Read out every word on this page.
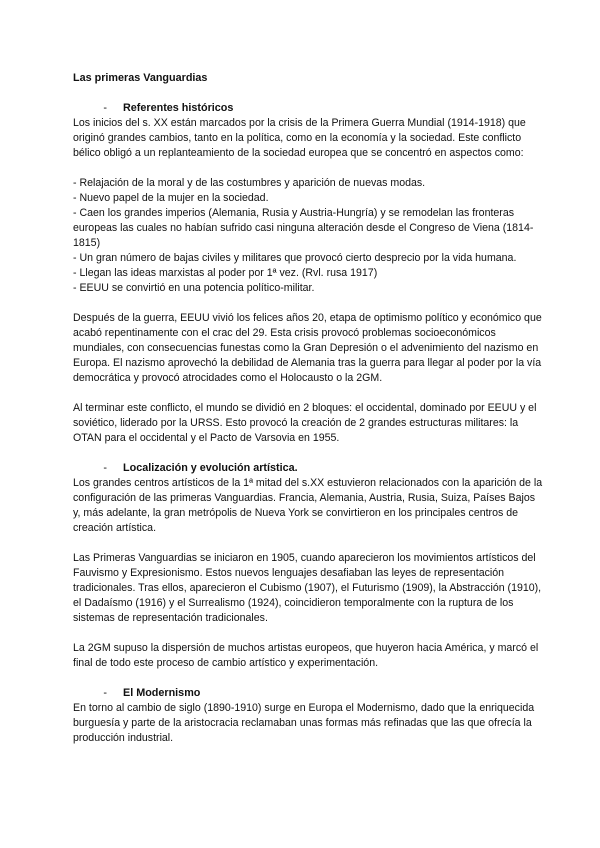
Las primeras Vanguardias
-	Referentes históricos

Los inicios del s. XX están marcados por la crisis de la Primera Guerra Mundial (1914-1918) que originó grandes cambios, tanto en la política, como en la economía y la sociedad. Este conflicto bélico obligó a un replanteamiento de la sociedad europea que se concentró en aspectos como:

- Relajación de la moral y de las costumbres y aparición de nuevas modas.
- Nuevo papel de la mujer en la sociedad.
- Caen los grandes imperios (Alemania, Rusia y Austria-Hungría) y se remodelan las fronteras europeas las cuales no habían sufrido casi ninguna alteración desde el Congreso de Viena (1814-1815)
- Un gran número de bajas civiles y militares que provocó cierto desprecio por la vida humana.
- Llegan las ideas marxistas al poder por 1ª vez. (Rvl. rusa 1917)
- EEUU se convirtió en una potencia político-militar.

Después de la guerra, EEUU vivió los felices años 20, etapa de optimismo político y económico que acabó repentinamente con el crac del 29. Esta crisis provocó problemas socioeconómicos mundiales, con consecuencias funestas como la Gran Depresión o el advenimiento del nazismo en Europa. El nazismo aprovechó la debilidad de Alemania tras la guerra para llegar al poder por la vía democrática y provocó atrocidades como el Holocausto o la 2GM.

Al terminar este conflicto, el mundo se dividió en 2 bloques: el occidental, dominado por EEUU y el soviético, liderado por la URSS. Esto provocó la creación de 2 grandes estructuras militares: la OTAN para el occidental y el Pacto de Varsovia en 1955.

-	Localización y evolución artística.

Los grandes centros artísticos de la 1ª mitad del s.XX estuvieron relacionados con la aparición de la configuración de las primeras Vanguardias. Francia, Alemania, Austria, Rusia, Suiza, Países Bajos y, más adelante, la gran metrópolis de Nueva York se convirtieron en los principales centros de creación artística.

Las Primeras Vanguardias se iniciaron en 1905, cuando aparecieron los movimientos artísticos del Fauvismo y Expresionismo. Estos nuevos lenguajes desafiaban las leyes de representación tradicionales. Tras ellos, aparecieron el Cubismo (1907), el Futurismo (1909), la Abstracción (1910), el Dadaísmo (1916) y el Surrealismo (1924), coincidieron temporalmente con la ruptura de los sistemas de representación tradicionales.

La 2GM supuso la dispersión de muchos artistas europeos, que huyeron hacia América, y marcó el final de todo este proceso de cambio artístico y experimentación.

-	El Modernismo

En torno al cambio de siglo (1890-1910) surge en Europa el Modernismo, dado que la enriquecida burguesía y parte de la aristocracia reclamaban unas formas más refinadas que las que ofrecía la producción industrial.
